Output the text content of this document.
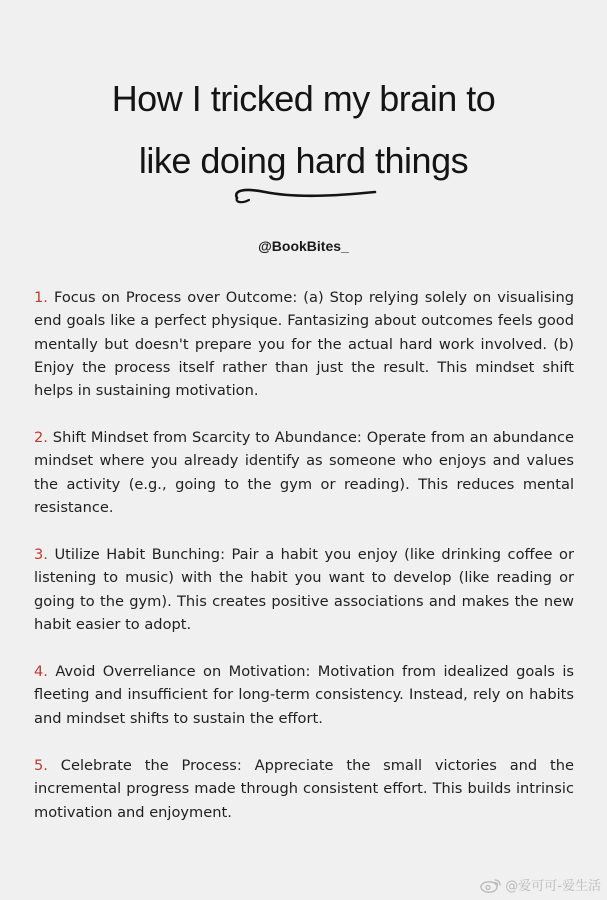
How I tricked my brain to
like doing hard things
@BookBites_

1. Focus on Process over Outcome: (a) Stop relying solely on visualising end goals like a perfect physique. Fantasizing about outcomes feels good mentally but doesn't prepare you for the actual hard work involved. (b) Enjoy the process itself rather than just the result. This mindset shift helps in sustaining motivation.

2. Shift Mindset from Scarcity to Abundance: Operate from an abundance mindset where you already identify as someone who enjoys and values the activity (e.g., going to the gym or reading). This reduces mental resistance.

3. Utilize Habit Bunching: Pair a habit you enjoy (like drinking coffee or listening to music) with the habit you want to develop (like reading or going to the gym). This creates positive associations and makes the new habit easier to adopt.

4. Avoid Overreliance on Motivation: Motivation from idealized goals is fleeting and insufficient for long-term consistency. Instead, rely on habits and mindset shifts to sustain the effort.

5. Celebrate the Process: Appreciate the small victories and the incremental progress made through consistent effort. This builds intrinsic motivation and enjoyment.

@爱可可-爱生活
